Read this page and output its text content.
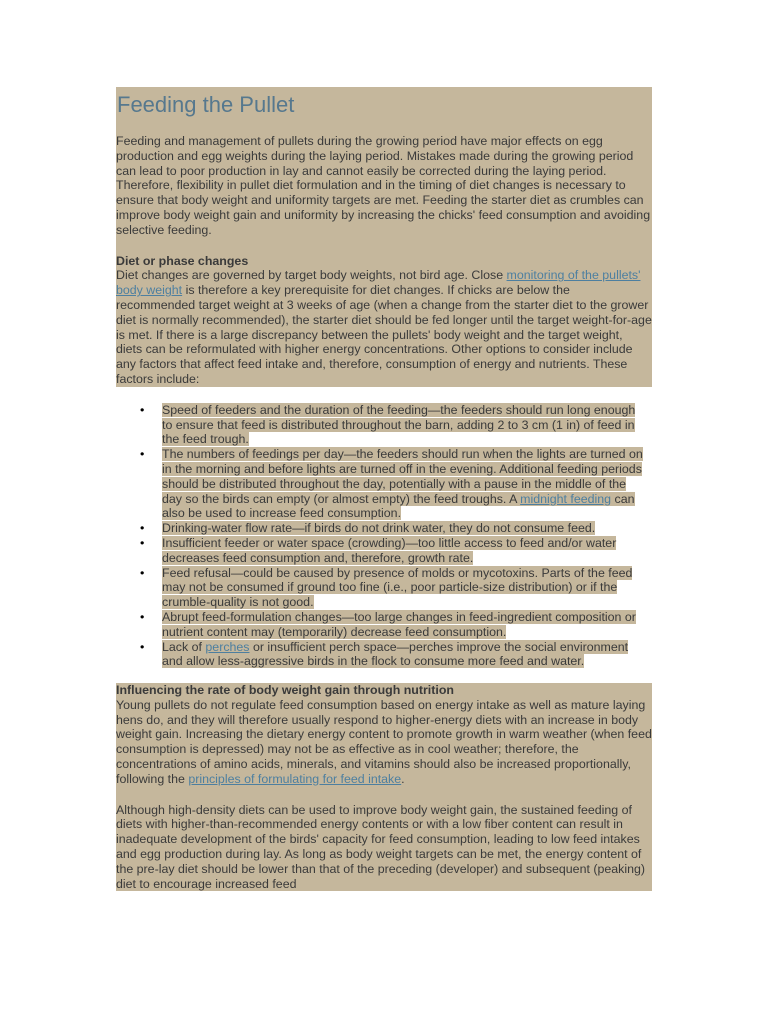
Feeding the Pullet

Feeding and management of pullets during the growing period have major effects on egg production and egg weights during the laying period. Mistakes made during the growing period can lead to poor production in lay and cannot easily be corrected during the laying period. Therefore, flexibility in pullet diet formulation and in the timing of diet changes is necessary to ensure that body weight and uniformity targets are met. Feeding the starter diet as crumbles can improve body weight gain and uniformity by increasing the chicks' feed consumption and avoiding selective feeding.

Diet or phase changes

Diet changes are governed by target body weights, not bird age. Close monitoring of the pullets' body weight is therefore a key prerequisite for diet changes. If chicks are below the recommended target weight at 3 weeks of age (when a change from the starter diet to the grower diet is normally recommended), the starter diet should be fed longer until the target weight-for-age is met. If there is a large discrepancy between the pullets' body weight and the target weight, diets can be reformulated with higher energy concentrations. Other options to consider include any factors that affect feed intake and, therefore, consumption of energy and nutrients. These factors include:

• Speed of feeders and the duration of the feeding—the feeders should run long enough to ensure that feed is distributed throughout the barn, adding 2 to 3 cm (1 in) of feed in the feed trough.
• The numbers of feedings per day—the feeders should run when the lights are turned on in the morning and before lights are turned off in the evening. Additional feeding periods should be distributed throughout the day, potentially with a pause in the middle of the day so the birds can empty (or almost empty) the feed troughs. A midnight feeding can also be used to increase feed consumption.
• Drinking-water flow rate—if birds do not drink water, they do not consume feed.
• Insufficient feeder or water space (crowding)—too little access to feed and/or water decreases feed consumption and, therefore, growth rate.
• Feed refusal—could be caused by presence of molds or mycotoxins. Parts of the feed may not be consumed if ground too fine (i.e., poor particle-size distribution) or if the crumble-quality is not good.
• Abrupt feed-formulation changes—too large changes in feed-ingredient composition or nutrient content may (temporarily) decrease feed consumption.
• Lack of perches or insufficient perch space—perches improve the social environment and allow less-aggressive birds in the flock to consume more feed and water.

Influencing the rate of body weight gain through nutrition

Young pullets do not regulate feed consumption based on energy intake as well as mature laying hens do, and they will therefore usually respond to higher-energy diets with an increase in body weight gain. Increasing the dietary energy content to promote growth in warm weather (when feed consumption is depressed) may not be as effective as in cool weather; therefore, the concentrations of amino acids, minerals, and vitamins should also be increased proportionally, following the principles of formulating for feed intake.

Although high-density diets can be used to improve body weight gain, the sustained feeding of diets with higher-than-recommended energy contents or with a low fiber content can result in inadequate development of the birds' capacity for feed consumption, leading to low feed intakes and egg production during lay. As long as body weight targets can be met, the energy content of the pre-lay diet should be lower than that of the preceding (developer) and subsequent (peaking) diet to encourage increased feed
